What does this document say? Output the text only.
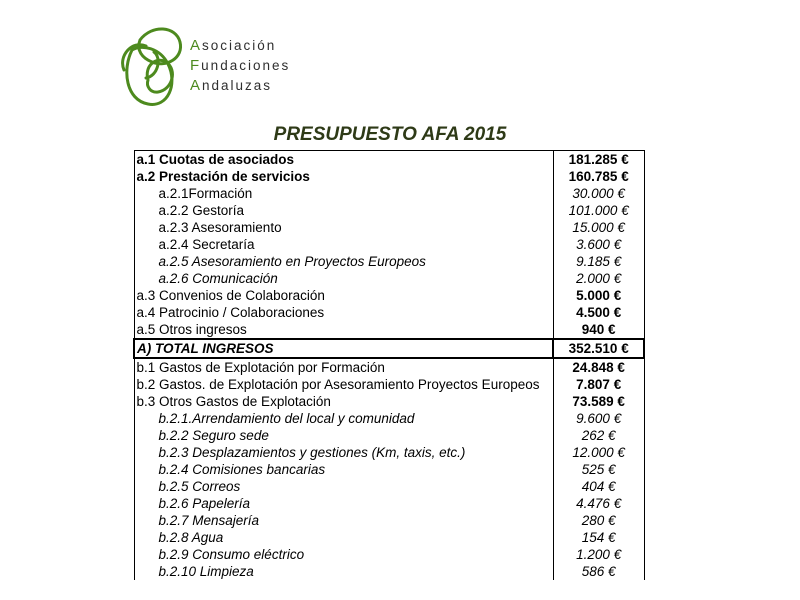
Asociación
Fundaciones
Andaluzas
PRESUPUESTO AFA 2015
a.1 Cuotas de asociados	181.285 €
a.2 Prestación de servicios	160.785 €
a.2.1Formación	30.000 €
a.2.2 Gestoría	101.000 €
a.2.3 Asesoramiento	15.000 €
a.2.4 Secretaría	3.600 €
a.2.5 Asesoramiento en Proyectos Europeos	9.185 €
a.2.6 Comunicación	2.000 €
a.3 Convenios de Colaboración	5.000 €
a.4 Patrocinio / Colaboraciones	4.500 €
a.5 Otros ingresos	940 €
A) TOTAL INGRESOS	352.510 €
b.1 Gastos de Explotación por Formación	24.848 €
b.2 Gastos. de Explotación por Asesoramiento Proyectos Europeos	7.807 €
b.3 Otros Gastos de Explotación	73.589 €
b.2.1.Arrendamiento del local y comunidad	9.600 €
b.2.2 Seguro sede	262 €
b.2.3 Desplazamientos y gestiones (Km, taxis, etc.)	12.000 €
b.2.4 Comisiones bancarias	525 €
b.2.5 Correos	404 €
b.2.6 Papelería	4.476 €
b.2.7 Mensajería	280 €
b.2.8 Agua	154 €
b.2.9 Consumo eléctrico	1.200 €
b.2.10 Limpieza	586 €
